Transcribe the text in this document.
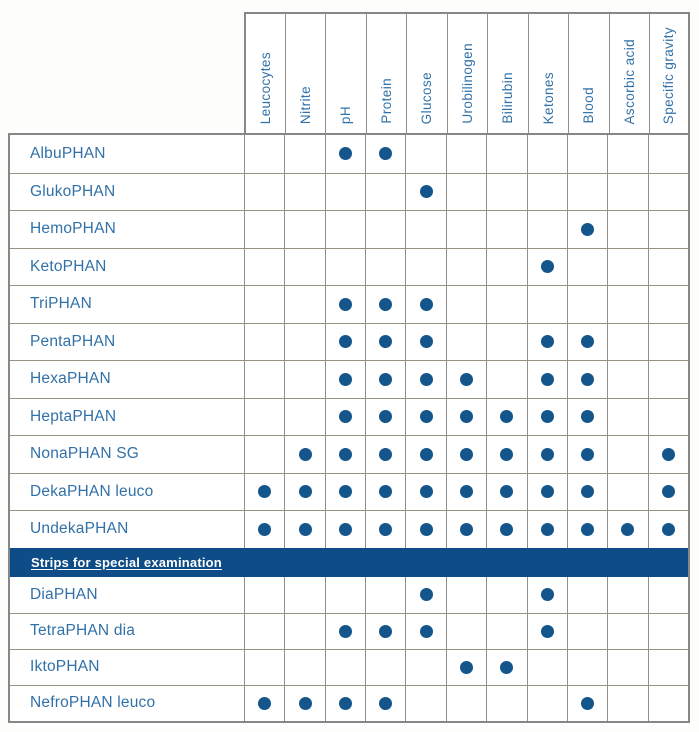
Leucocytes Nitrite pH Protein Glucose Urobilinogen Bilirubin Ketones Blood Ascorbic acid Specific gravity
AlbuPHAN
GlukoPHAN
HemoPHAN
KetoPHAN
TriPHAN
PentaPHAN
HexaPHAN
HeptaPHAN
NonaPHAN SG
DekaPHAN leuco
UndekaPHAN
Strips for special examination
DiaPHAN
TetraPHAN dia
IktoPHAN
NefroPHAN leuco
